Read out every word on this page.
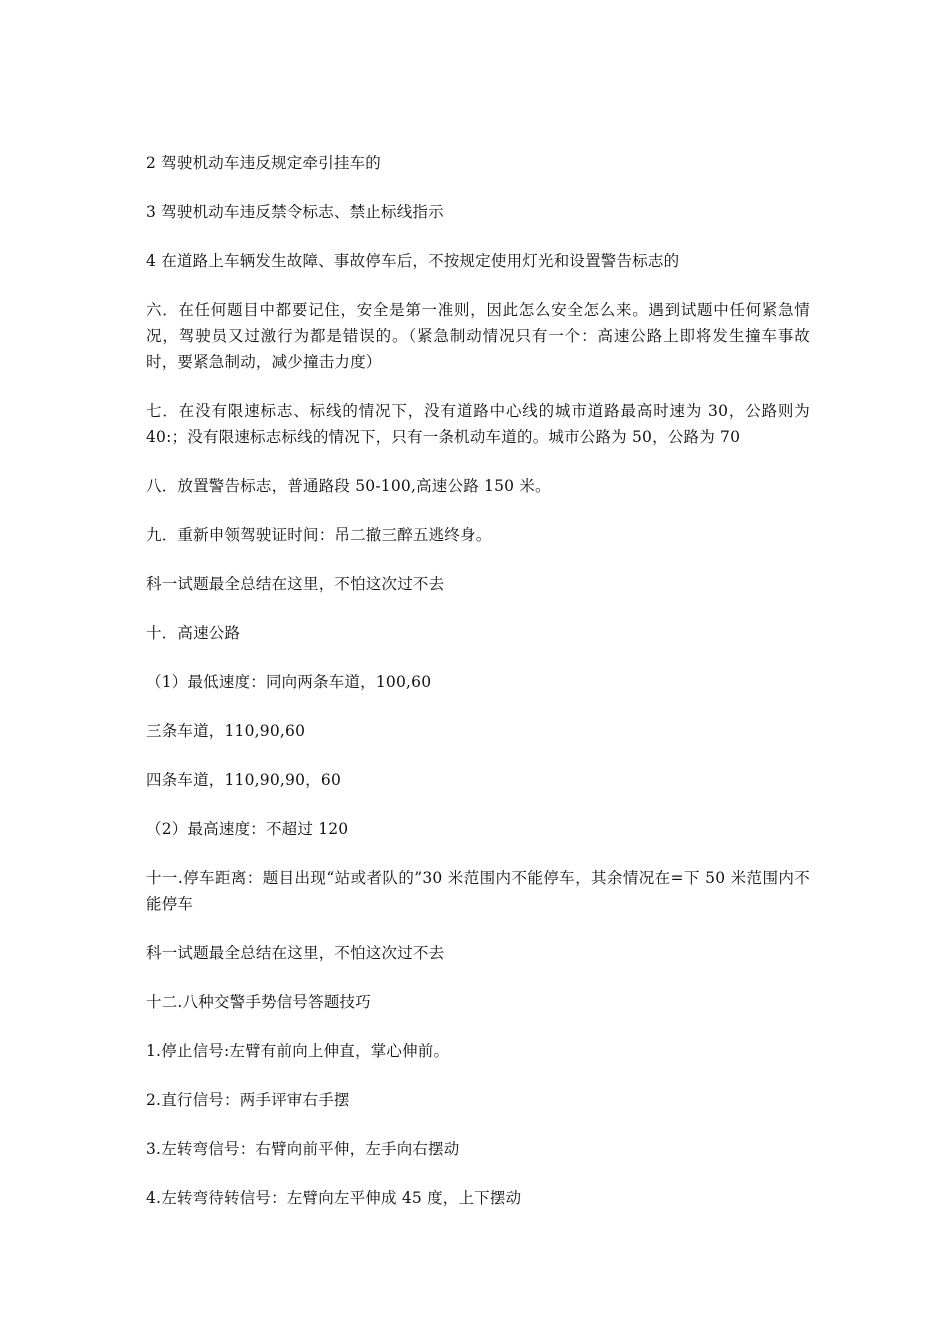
2 驾驶机动车违反规定牵引挂车的

3 驾驶机动车违反禁令标志、禁止标线指示

4 在道路上车辆发生故障、事故停车后，不按规定使用灯光和设置警告标志的

六．在任何题目中都要记住，安全是第一准则，因此怎么安全怎么来。遇到试题中任何紧急情况，驾驶员又过激行为都是错误的。（紧急制动情况只有一个：高速公路上即将发生撞车事故时，要紧急制动，减少撞击力度）

七．在没有限速标志、标线的情况下，没有道路中心线的城市道路最高时速为 30，公路则为 40:；没有限速标志标线的情况下，只有一条机动车道的。城市公路为 50，公路为 70

八．放置警告标志，普通路段 50-100,高速公路 150 米。

九．重新申领驾驶证时间：吊二撤三醉五逃终身。

科一试题最全总结在这里，不怕这次过不去

十．高速公路

（1）最低速度：同向两条车道，100,60

三条车道，110,90,60

四条车道，110,90,90，60

（2）最高速度：不超过 120

十一.停车距离：题目出现“站或者队的”30 米范围内不能停车，其余情况在=下 50 米范围内不能停车

科一试题最全总结在这里，不怕这次过不去

十二.八种交警手势信号答题技巧

1.停止信号:左臂有前向上伸直，掌心伸前。

2.直行信号：两手评审右手摆

3.左转弯信号：右臂向前平伸，左手向右摆动

4.左转弯待转信号：左臂向左平伸成 45 度，上下摆动
